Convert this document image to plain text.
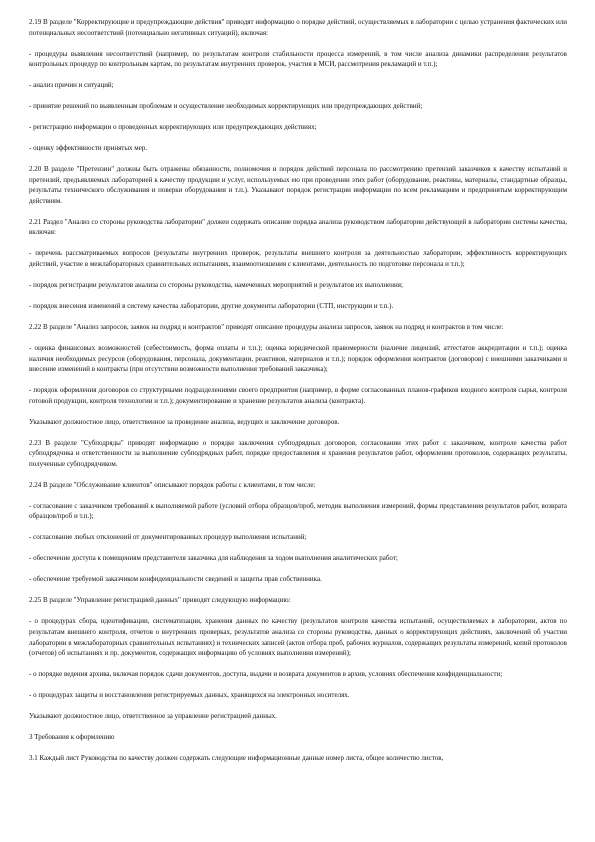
2.19 В разделе "Корректирующие и предупреждающие действия" приводят информацию о порядке действий, осуществляемых в лаборатории с целью устранения фактических или потенциальных несоответствий (потенциально негативных ситуаций), включая:

- процедуры выявления несоответствий (например, по результатам контроля стабильности процесса измерений, в том числе анализа динамики распределения результатов контрольных процедур по контрольным картам, по результатам внутренних проверок, участия в МСИ, рассмотрения рекламаций и т.п.);

- анализ причин и ситуаций;

- принятие решений по выявленным проблемам и осуществление необходимых корректирующих или предупреждающих действий;

- регистрацию информации о проведенных корректирующих или предупреждающих действиях;

- оценку эффективности принятых мер.

2.20 В разделе "Претензии" должны быть отражены обязанности, полномочия и порядок действий персонала по рассмотрению претензий заказчиков к качеству испытаний и претензий, предъявляемых лабораторией к качеству продукции и услуг, используемых ею при проведении этих работ (оборудование, реактивы, материалы, стандартные образцы, результаты технического обслуживания и поверки оборудования и т.п.). Указывают порядок регистрации информации по всем рекламациям и предпринятым корректирующим действиям.

2.21 Раздел "Анализ со стороны руководства лаборатории" должен содержать описание порядка анализа руководством лаборатории действующей в лаборатории системы качества, включая:

- перечень рассматриваемых вопросов (результаты внутренних проверок, результаты внешнего контроля за деятельностью лаборатории, эффективность корректирующих действий, участие в межлабораторных сравнительных испытаниях, взаимоотношения с клиентами, деятельность по подготовке персонала и т.п.);

- порядок регистрации результатов анализа со стороны руководства, намеченных мероприятий и результатов их выполнения;

- порядок внесения изменений в систему качества лаборатории, другие документы лаборатории (СТП, инструкции и т.п.).

2.22 В разделе "Анализ запросов, заявок на подряд и контрактов" приводят описание процедуры анализа запросов, заявок на подряд и контрактов в том числе:

- оценка финансовых возможностей (себестоимость, форма оплаты и т.п.); оценка юридической правомерности (наличие лицензий, аттестатов аккредитации и т.п.); оценка наличия необходимых ресурсов (оборудования, персонала, документации, реактивов, материалов и т.п.); порядок оформления контрактов (договоров) с внешними заказчиками и внесение изменений в контракты (при отсутствии возможности выполнения требований заказчика);

- порядок оформления договоров со структурными подразделениями своего предприятия (например, в форме согласованных планов-графиков входного контроля сырья, контроля готовой продукции, контроля технологии и т.п.); документирование и хранение результатов анализа (контракта).

Указывают должностное лицо, ответственное за проведение анализа, ведущих и заключение договоров.

2.23 В разделе "Субподряды" приводят информацию о порядке заключения субподрядных договоров, согласовании этих работ с заказчиком, контроле качества работ субподрядчика и ответственности за выполнение субподрядных работ, порядке предоставления и хранения результатов работ, оформлении протоколов, содержащих результаты, полученные субподрядчиком.

2.24 В разделе "Обслуживание клиентов" описывают порядок работы с клиентами, в том числе:

- согласование с заказчиком требований к выполняемой работе (условий отбора образцов/проб, методик выполнения измерений, формы представления результатов работ, возврата образцов/проб и т.п.);

- согласование любых отклонений от документированных процедур выполнения испытаний;

- обеспечение доступа к помещениям представителя заказчика для наблюдения за ходом выполнения аналитических работ;

- обеспечение требуемой заказчиком конфиденциальности сведений и защиты прав собственника.

2.25 В разделе "Управление регистрацией данных" приводят следующую информацию:

- о процедурах сбора, идентификации, систематизации, хранения данных по качеству (результатов контроля качества испытаний, осуществляемых в лаборатории, актов по результатам внешнего контроля, отчетов о внутренних проверках, результатов анализа со стороны руководства, данных о корректирующих действиях, заключений об участии лаборатории в межлабораторных сравнительных испытаниях) и технических записей (актов отбора проб, рабочих журналов, содержащих результаты измерений, копий протоколов (отчетов) об испытаниях и пр. документов, содержащих информацию об условиях выполнения измерений);

- о порядке ведения архива, включая порядок сдачи документов, доступа, выдачи и возврата документов в архив, условиях обеспечения конфиденциальности;

- о процедурах защиты и восстановления регистрируемых данных, хранящихся на электронных носителях.

Указывают должностное лицо, ответственное за управление регистрацией данных.

3 Требования к оформлению

3.1 Каждый лист Руководства по качеству должен содержать следующие информационные данные номер листа, общее количество листов,
